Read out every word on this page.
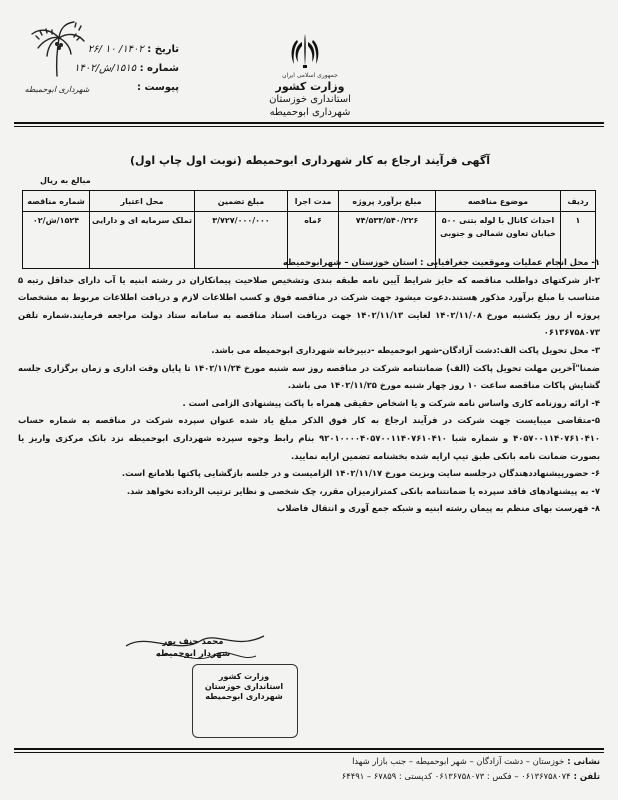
شهرداری ابوحمیطه
جمهوری اسلامی ایران
وزارت کشور
استانداری خوزستان
شهرداری ابوحمیطه
تاریخ : ۱۴۰۲/ ۱۰ /۲۶
شماره : ۱۵۱۵/ش/۱۴۰۲
پیوست :
آگهی فرآیند ارجاع به کار شهرداری ابوحمیطه (نوبت اول چاپ اول)
مبالغ به ریال
ردیف	موضوع مناقصه	مبلغ برآورد پروژه	مدت اجرا	مبلغ تضمین	محل اعتبار	شماره مناقصه
۱	احداث کانال با لوله بتنی ۵۰۰ خیابان تعاون شمالی و جنوبی	۷۴/۵۳۳/۵۴۰/۲۲۶	۶ماه	۳/۷۲۷/۰۰۰/۰۰۰	تملک سرمایه ای و دارایی	۱۵۲۴/ش/۰۲

۱- محل انجام عملیات وموقعیت جغرافیایی : استان خوزستان – شهرابوحمیطه

۲-از شرکتهای دواطلب مناقصه که حایز شرایط آیین نامه طبقه بندی وتشخیص صلاحیت پیمانکاران در رشته ابنیه یا آب دارای حداقل رتبه ۵ متناسب با مبلغ برآورد مذکور هستند.دعوت میشود جهت شرکت در مناقصه فوق و کسب اطلاعات لازم و دریافت اطلاعات مربوط به مشخصات پروژه از روز یکشنبه مورخ ۱۴۰۲/۱۱/۰۸ لغایت ۱۴۰۲/۱۱/۱۳ جهت دریافت اسناد مناقصه به سامانه ستاد دولت مراجعه فرمایند.شماره تلفن ۰۶۱۳۶۷۵۸۰۷۳

۳- محل تحویل پاکت الف:دشت آزادگان-شهر ابوحمیطه -دبیرخانه شهرداری ابوحمیطه می باشد.

ضمنا"آخرین مهلت تحویل پاکت (الف) ضمانتنامه شرکت در مناقصه روز سه شنبه مورخ ۱۴۰۲/۱۱/۲۴ تا پایان وقت اداری و زمان برگزاری جلسه گشایش پاکات مناقصه ساعت ۱۰ روز چهار شنبه مورخ ۱۴۰۲/۱۱/۲۵ می باشد.

۴- ارائه روزنامه کاری واساس نامه شرکت و یا اشخاص حقیقی همراه با پاکت پیشنهادی الزامی است .

۵-متقاضی میبایست جهت شرکت در فرآیند ارجاع به کار فوق الذکر مبلغ یاد شده عنوان سپرده شرکت در مناقصه به شماره حساب ۴۰۵۷۰۰۱۱۴۰۷۶۱۰۴۱۰ و شماره شبا ۹۲۰۱۰۰۰۰۴۰۵۷۰۰۱۱۴۰۷۶۱۰۴۱۰ بنام رابط وجوه سپرده شهرداری ابوحمیطه نزد بانک مرکزی واریز یا بصورت ضمانت نامه بانکی طبق تیپ ارایه شده بخشنامه تضمین ارایه نمایید.

۶- حضورپیشنهاددهندگان درجلسه سایت وبزیت مورخ ۱۴۰۲/۱۱/۱۷ الزامیست و در جلسه بازگشایی پاکتها بلامانع است.

۷- به پیشنهادهای فاقد سپرده یا ضمانتنامه بانکی کمترازمیزان مقرر، چک شخصی و نظایر ترتیب الرداده نخواهد شد.

۸- فهرست بهای منظم به پیمان رشته ابنیه و شبکه جمع آوری و انتقال فاضلاب

محمد حنف پور
شهردار ابوحمیطه
وزارت کشور
استانداری خوزستان
شهرداری ابوحمیطه
نشانی : خوزستان – دشت آزادگان – شهر ابوحمیطه – جنب بازار شهدا
تلفن : ۰۶۱۳۶۷۵۸۰۷۴ – فکس : ۰۶۱۳۶۷۵۸۰۷۳ کدپستی : ۶۷۸۵۹ – ۶۴۴۹۱
